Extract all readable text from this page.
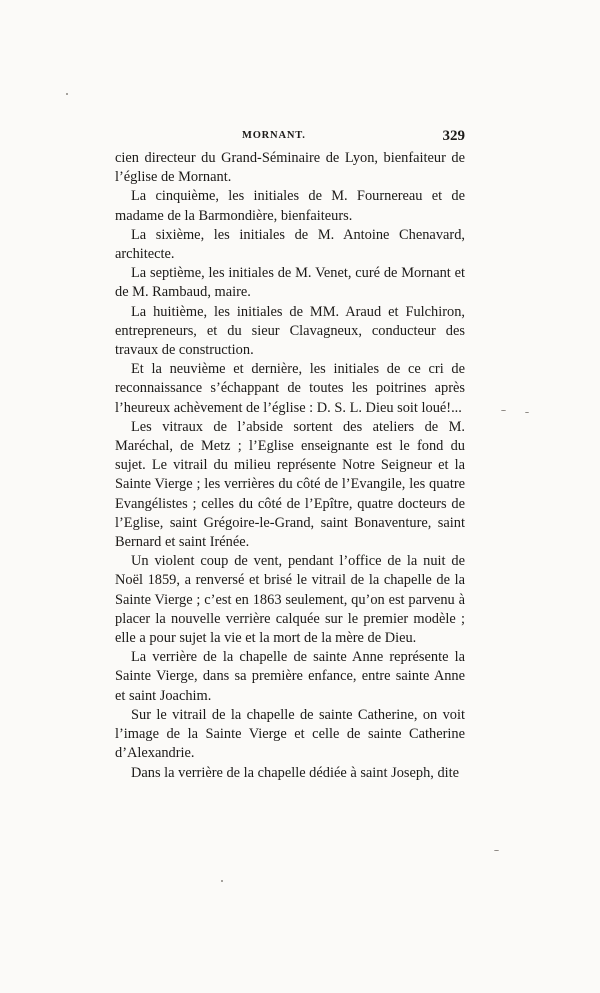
MORNANT.	329

cien directeur du Grand-Séminaire de Lyon, bienfaiteur de l’église de Mornant.

La cinquième, les initiales de M. Fournereau et de madame de la Barmondière, bienfaiteurs.

La sixième, les initiales de M. Antoine Chenavard, architecte.

La septième, les initiales de M. Venet, curé de Mornant et de M. Rambaud, maire.

La huitième, les initiales de MM. Araud et Fulchiron, entrepreneurs, et du sieur Clavagneux, conducteur des travaux de construction.

Et la neuvième et dernière, les initiales de ce cri de reconnaissance s’échappant de toutes les poitrines après l’heureux achèvement de l’église : D. S. L. Dieu soit loué!...

Les vitraux de l’abside sortent des ateliers de M. Maréchal, de Metz ; l’Eglise enseignante est le fond du sujet. Le vitrail du milieu représente Notre Seigneur et la Sainte Vierge ; les verrières du côté de l’Evangile, les quatre Evangélistes ; celles du côté de l’Epître, quatre docteurs de l’Eglise, saint Grégoire-le-Grand, saint Bonaventure, saint Bernard et saint Irénée.

Un violent coup de vent, pendant l’office de la nuit de Noël 1859, a renversé et brisé le vitrail de la chapelle de la Sainte Vierge ; c’est en 1863 seulement, qu’on est parvenu à placer la nouvelle verrière calquée sur le premier modèle ; elle a pour sujet la vie et la mort de la mère de Dieu.

La verrière de la chapelle de sainte Anne représente la Sainte Vierge, dans sa première enfance, entre sainte Anne et saint Joachim.

Sur le vitrail de la chapelle de sainte Catherine, on voit l’image de la Sainte Vierge et celle de sainte Catherine d’Alexandrie.

Dans la verrière de la chapelle dédiée à saint Joseph, dite
